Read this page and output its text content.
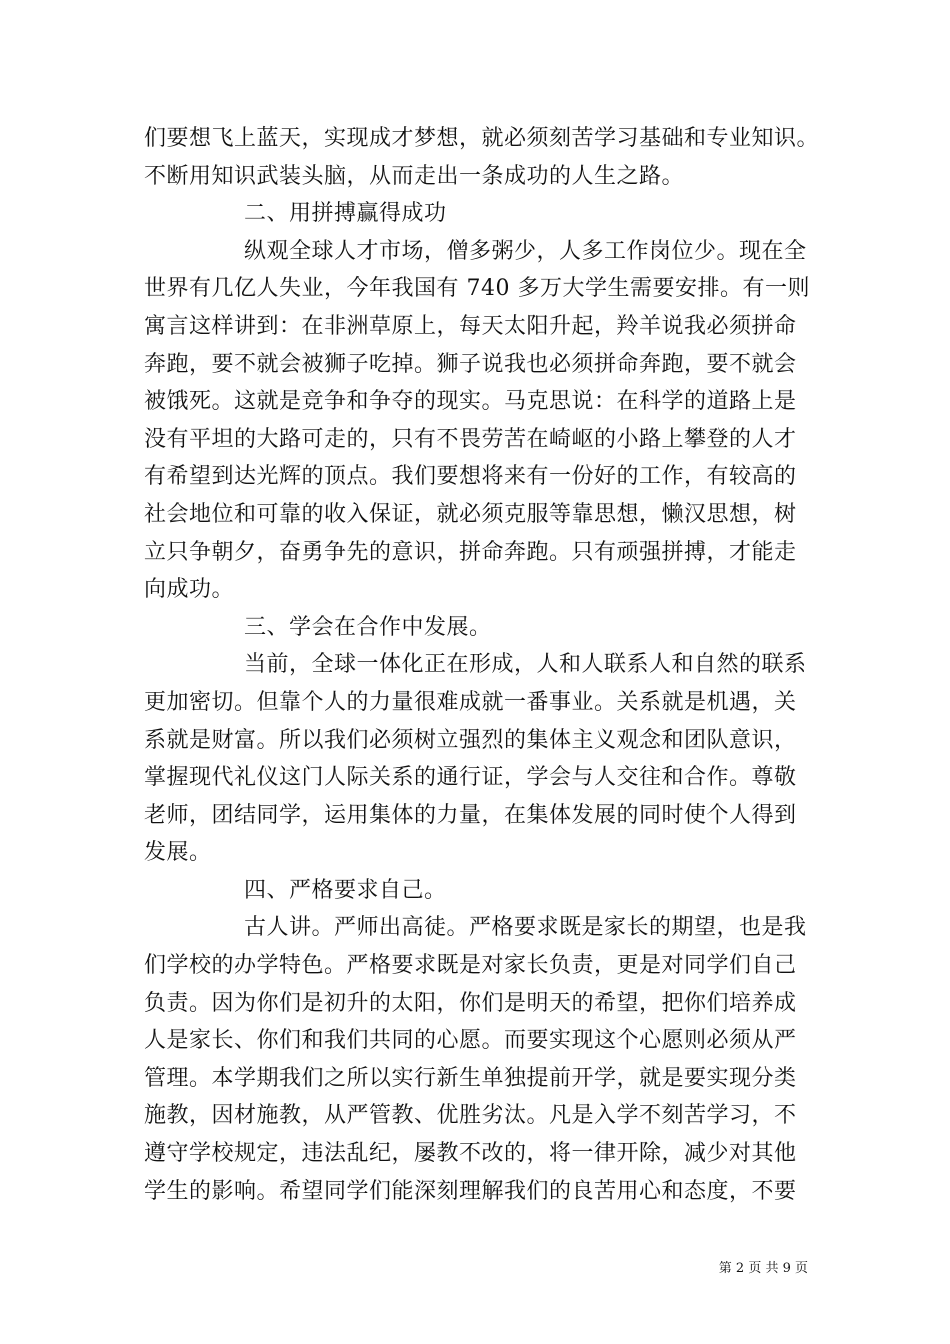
们要想飞上蓝天，实现成才梦想，就必须刻苦学习基础和专业知识。
不断用知识武装头脑，从而走出一条成功的人生之路。
二、用拼搏赢得成功
纵观全球人才市场，僧多粥少，人多工作岗位少。现在全
世界有几亿人失业，今年我国有 740 多万大学生需要安排。有一则
寓言这样讲到：在非洲草原上，每天太阳升起，羚羊说我必须拼命
奔跑，要不就会被狮子吃掉。狮子说我也必须拼命奔跑，要不就会
被饿死。这就是竞争和争夺的现实。马克思说：在科学的道路上是
没有平坦的大路可走的，只有不畏劳苦在崎岖的小路上攀登的人才
有希望到达光辉的顶点。我们要想将来有一份好的工作，有较高的
社会地位和可靠的收入保证，就必须克服等靠思想，懒汉思想，树
立只争朝夕，奋勇争先的意识，拼命奔跑。只有顽强拼搏，才能走
向成功。
三、学会在合作中发展。
当前，全球一体化正在形成，人和人联系人和自然的联系
更加密切。但靠个人的力量很难成就一番事业。关系就是机遇，关
系就是财富。所以我们必须树立强烈的集体主义观念和团队意识，
掌握现代礼仪这门人际关系的通行证，学会与人交往和合作。尊敬
老师，团结同学，运用集体的力量，在集体发展的同时使个人得到
发展。
四、严格要求自己。
古人讲。严师出高徒。严格要求既是家长的期望，也是我
们学校的办学特色。严格要求既是对家长负责，更是对同学们自己
负责。因为你们是初升的太阳，你们是明天的希望，把你们培养成
人是家长、你们和我们共同的心愿。而要实现这个心愿则必须从严
管理。本学期我们之所以实行新生单独提前开学，就是要实现分类
施教，因材施教，从严管教、优胜劣汰。凡是入学不刻苦学习，不
遵守学校规定，违法乱纪，屡教不改的，将一律开除，减少对其他
学生的影响。希望同学们能深刻理解我们的良苦用心和态度，不要
第 2 页 共 9 页
